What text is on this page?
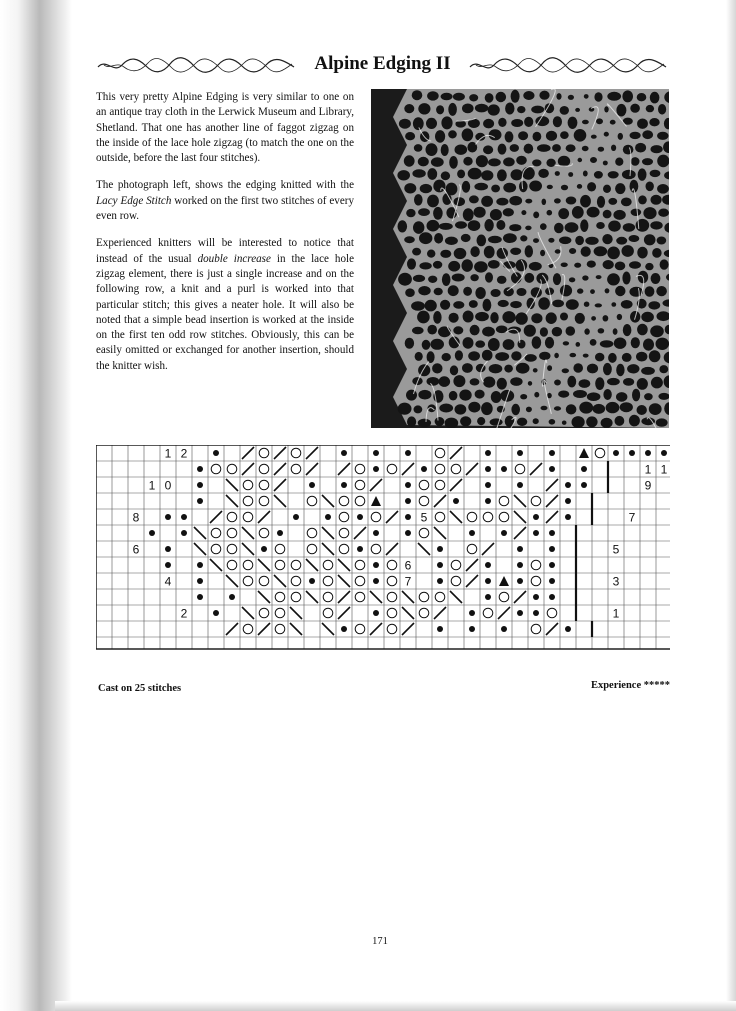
Alpine Edging II

This very pretty Alpine Edging is very similar to one on an antique tray cloth in the Lerwick Museum and Library, Shetland. That one has another line of faggot zigzag on the inside of the lace hole zigzag (to match the one on the outside, before the last four stitches).

The photograph left, shows the edging knitted with the Lacy Edge Stitch worked on the first two stitches of every even row.

Experienced knitters will be interested to notice that instead of the usual double increase in the lace hole zigzag element, there is just a single increase and on the following row, a knit and a purl is worked into that particular stitch; this gives a neater hole. It will also be noted that a simple bead insertion is worked at the inside on the first ten odd row stitches. Obviously, this can be easily omitted or exchanged for another insertion, should the knitter wish.

1 2
1 1
1 0	9
8	5	7
6	5
6
4	7	3
2	1
Cast on 25 stitches	Experience *****
171
